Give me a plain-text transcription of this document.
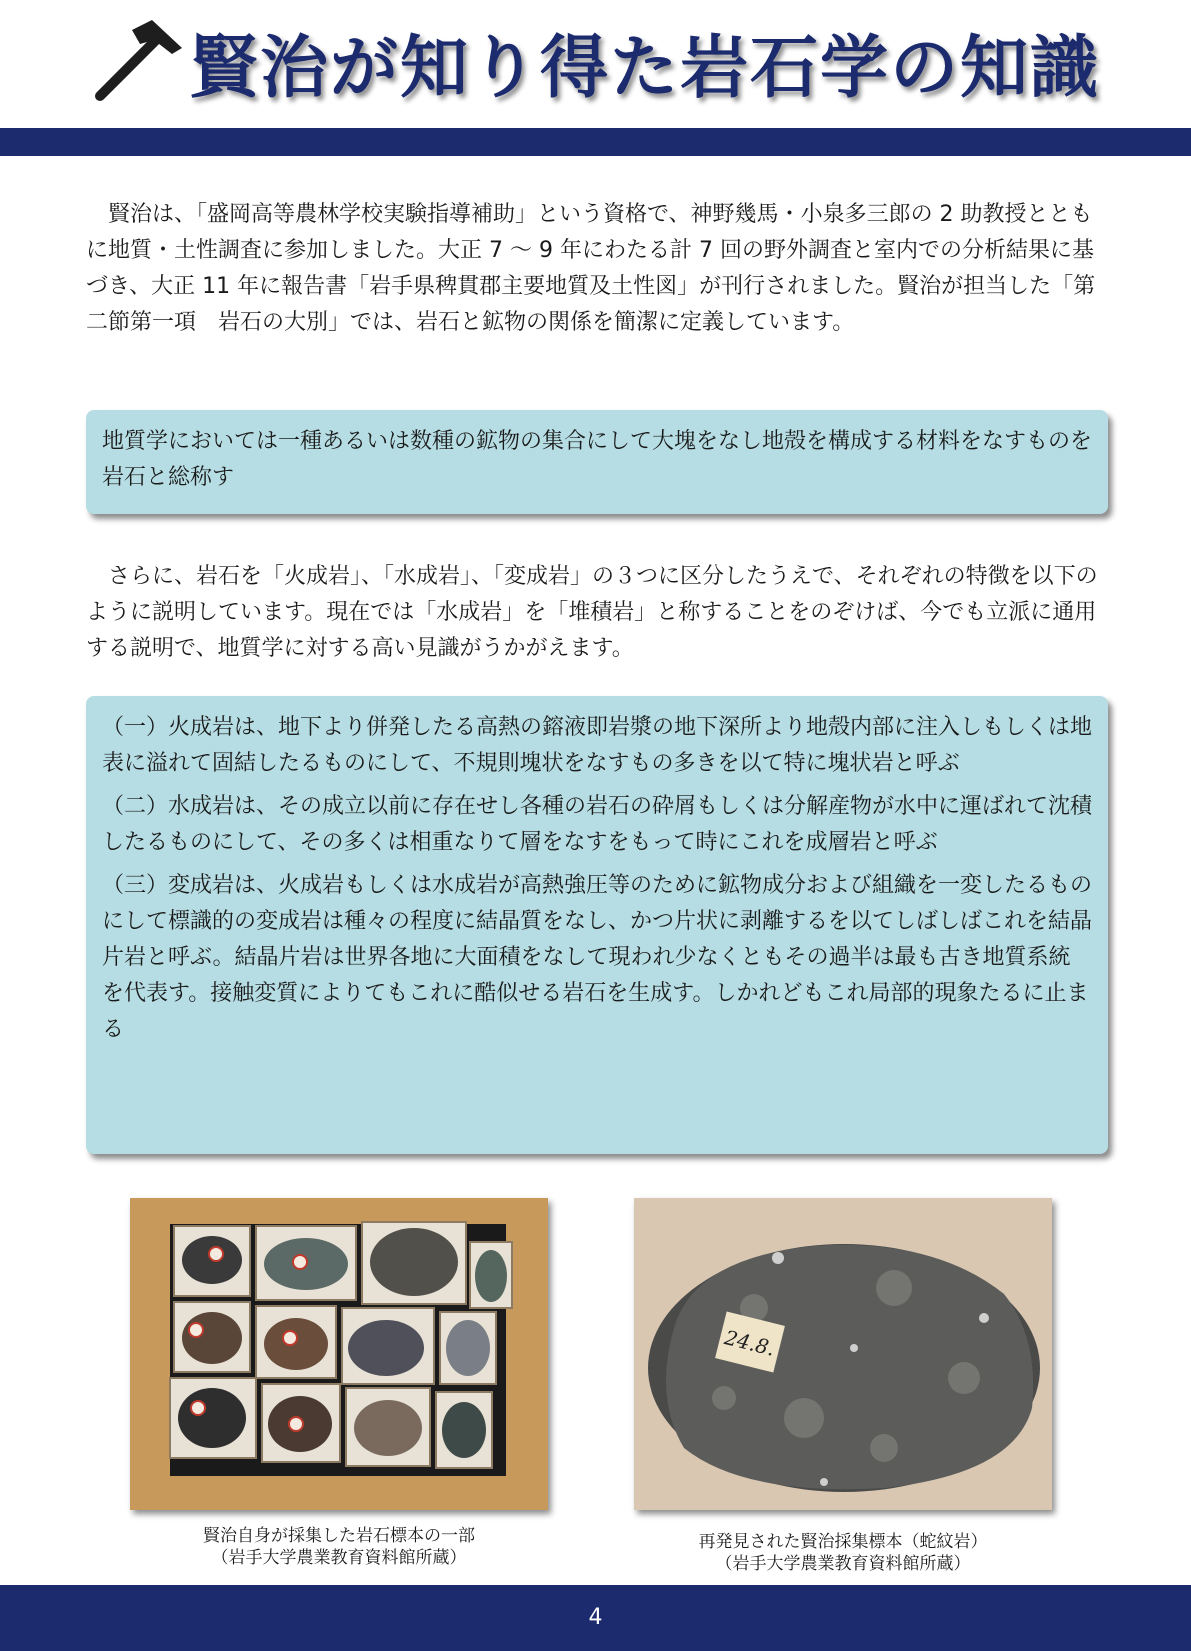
賢治が知り得た岩石学の知識

賢治は、「盛岡高等農林学校実験指導補助」という資格で、神野幾馬・小泉多三郎の 2 助教授とともに地質・土性調査に参加しました。大正 7 〜 9 年にわたる計 7 回の野外調査と室内での分析結果に基づき、大正 11 年に報告書「岩手県稗貫郡主要地質及土性図」が刊行されました。賢治が担当した「第二節第一項　岩石の大別」では、岩石と鉱物の関係を簡潔に定義しています。

地質学においては一種あるいは数種の鉱物の集合にして大塊をなし地殻を構成する材料をなすものを岩石と総称す

さらに、岩石を「火成岩」、「水成岩」、「変成岩」の３つに区分したうえで、それぞれの特徴を以下のように説明しています。現在では「水成岩」を「堆積岩」と称することをのぞけば、今でも立派に通用する説明で、地質学に対する高い見識がうかがえます。

（一）火成岩は、地下より併発したる高熱の鎔液即岩漿の地下深所より地殻内部に注入しもしくは地表に溢れて固結したるものにして、不規則塊状をなすもの多きを以て特に塊状岩と呼ぶ

（二）水成岩は、その成立以前に存在せし各種の岩石の砕屑もしくは分解産物が水中に運ばれて沈積したるものにして、その多くは相重なりて層をなすをもって時にこれを成層岩と呼ぶ

（三）変成岩は、火成岩もしくは水成岩が高熱強圧等のために鉱物成分および組織を一変したるものにして標識的の変成岩は種々の程度に結晶質をなし、かつ片状に剥離するを以てしばしばこれを結晶片岩と呼ぶ。結晶片岩は世界各地に大面積をなして現われ少なくともその過半は最も古き地質系統を代表す。接触変質によりてもこれに酷似せる岩石を生成す。しかれどもこれ局部的現象たるに止まる

24.8.
賢治自身が採集した岩石標本の一部
（岩手大学農業教育資料館所蔵）
再発見された賢治採集標本（蛇紋岩）
（岩手大学農業教育資料館所蔵）
4
